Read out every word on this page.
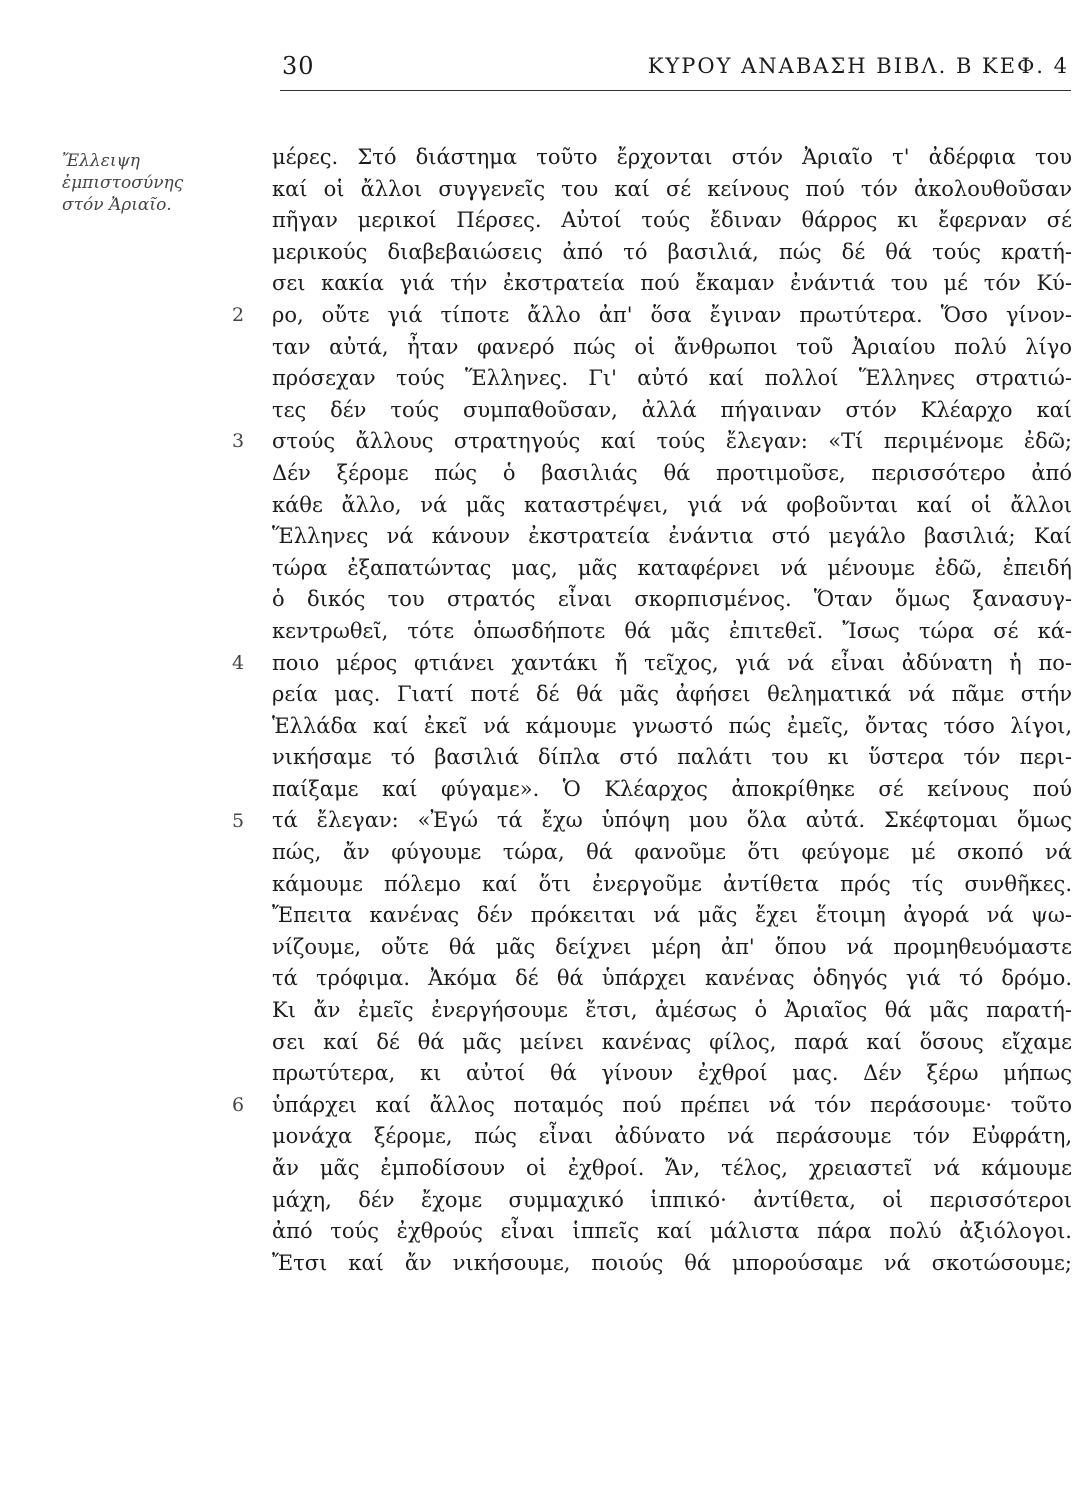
30	ΚΥΡΟΥ ΑΝΑΒΑΣΗ ΒΙΒΛ. Β ΚΕΦ. 4
Ἔλλειψη
ἐμπιστοσύνης
στόν Ἀριαῖο.
2
3
4
5
6
μέρες. Στό διάστημα τοῦτο ἔρχονται στόν Ἀριαῖο τ' ἀδέρφια του
καί οἱ ἄλλοι συγγενεῖς του καί σέ κείνους πού τόν ἀκολουθοῦσαν
πῆγαν μερικοί Πέρσες. Αὐτοί τούς ἔδιναν θάρρος κι ἔφερναν σέ
μερικούς διαβεβαιώσεις ἀπό τό βασιλιά, πώς δέ θά τούς κρατή-
σει κακία γιά τήν ἐκστρατεία πού ἔκαμαν ἐνάντιά του μέ τόν Κύ-
ρο, οὔτε γιά τίποτε ἄλλο ἀπ' ὅσα ἔγιναν πρωτύτερα. Ὅσο γίνον-
ταν αὐτά, ἦταν φανερό πώς οἱ ἄνθρωποι τοῦ Ἀριαίου πολύ λίγο
πρόσεχαν τούς Ἕλληνες. Γι' αὐτό καί πολλοί Ἕλληνες στρατιώ-
τες δέν τούς συμπαθοῦσαν, ἀλλά πήγαιναν στόν Κλέαρχο καί
στούς ἄλλους στρατηγούς καί τούς ἔλεγαν: «Τί περιμένομε ἐδῶ;
Δέν ξέρομε πώς ὁ βασιλιάς θά προτιμοῦσε, περισσότερο ἀπό
κάθε ἄλλο, νά μᾶς καταστρέψει, γιά νά φοβοῦνται καί οἱ ἄλλοι
Ἕλληνες νά κάνουν ἐκστρατεία ἐνάντια στό μεγάλο βασιλιά; Καί
τώρα ἐξαπατώντας μας, μᾶς καταφέρνει νά μένουμε ἐδῶ, ἐπειδή
ὁ δικός του στρατός εἶναι σκορπισμένος. Ὅταν ὅμως ξανασυγ-
κεντρωθεῖ, τότε ὁπωσδήποτε θά μᾶς ἐπιτεθεῖ. Ἴσως τώρα σέ κά-
ποιο μέρος φτιάνει χαντάκι ἤ τεῖχος, γιά νά εἶναι ἀδύνατη ἡ πο-
ρεία μας. Γιατί ποτέ δέ θά μᾶς ἀφήσει θεληματικά νά πᾶμε στήν
Ἑλλάδα καί ἐκεῖ νά κάμουμε γνωστό πώς ἐμεῖς, ὄντας τόσο λίγοι,
νικήσαμε τό βασιλιά δίπλα στό παλάτι του κι ὕστερα τόν περι-
παίξαμε καί φύγαμε». Ὁ Κλέαρχος ἀποκρίθηκε σέ κείνους πού
τά ἔλεγαν: «Ἐγώ τά ἔχω ὑπόψη μου ὅλα αὐτά. Σκέφτομαι ὅμως
πώς, ἄν φύγουμε τώρα, θά φανοῦμε ὅτι φεύγομε μέ σκοπό νά
κάμουμε πόλεμο καί ὅτι ἐνεργοῦμε ἀντίθετα πρός τίς συνθῆκες.
Ἔπειτα κανένας δέν πρόκειται νά μᾶς ἔχει ἕτοιμη ἀγορά νά ψω-
νίζουμε, οὔτε θά μᾶς δείχνει μέρη ἀπ' ὅπου νά προμηθευόμαστε
τά τρόφιμα. Ἀκόμα δέ θά ὑπάρχει κανένας ὁδηγός γιά τό δρόμο.
Κι ἄν ἐμεῖς ἐνεργήσουμε ἔτσι, ἀμέσως ὁ Ἀριαῖος θά μᾶς παρατή-
σει καί δέ θά μᾶς μείνει κανένας φίλος, παρά καί ὅσους εἴχαμε
πρωτύτερα, κι αὐτοί θά γίνουν ἐχθροί μας. Δέν ξέρω μήπως
ὑπάρχει καί ἄλλος ποταμός πού πρέπει νά τόν περάσουμε· τοῦτο
μονάχα ξέρομε, πώς εἶναι ἀδύνατο νά περάσουμε τόν Εὐφράτη,
ἄν μᾶς ἐμποδίσουν οἱ ἐχθροί. Ἄν, τέλος, χρειαστεῖ νά κάμουμε
μάχη, δέν ἔχομε συμμαχικό ἱππικό· ἀντίθετα, οἱ περισσότεροι
ἀπό τούς ἐχθρούς εἶναι ἱππεῖς καί μάλιστα πάρα πολύ ἀξιόλογοι.
Ἔτσι καί ἄν νικήσουμε, ποιούς θά μπορούσαμε νά σκοτώσουμε;
